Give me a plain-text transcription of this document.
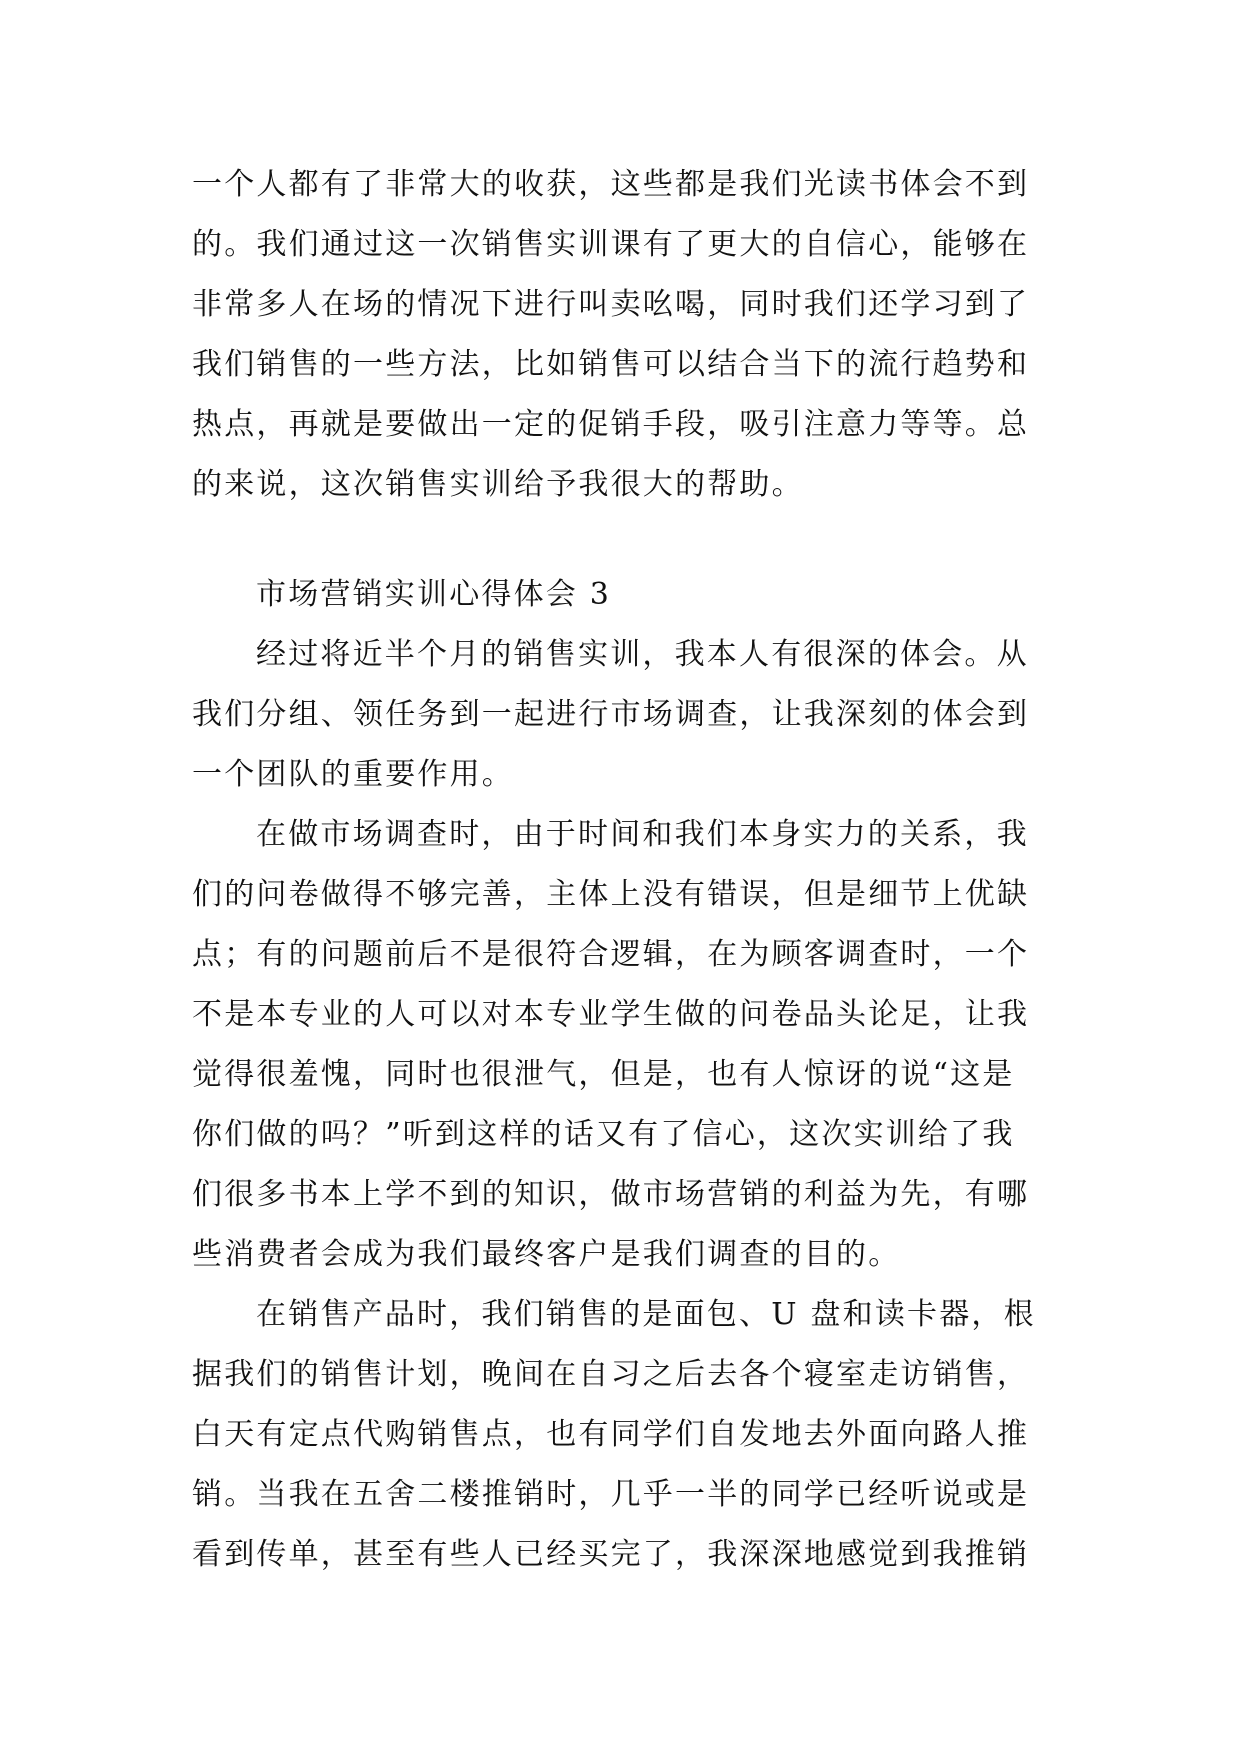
一个人都有了非常大的收获，这些都是我们光读书体会不到
的。我们通过这一次销售实训课有了更大的自信心，能够在
非常多人在场的情况下进行叫卖吆喝，同时我们还学习到了
我们销售的一些方法，比如销售可以结合当下的流行趋势和
热点，再就是要做出一定的促销手段，吸引注意力等等。总
的来说，这次销售实训给予我很大的帮助。
市场营销实训心得体会 3
经过将近半个月的销售实训，我本人有很深的体会。从
我们分组、领任务到一起进行市场调查，让我深刻的体会到
一个团队的重要作用。
在做市场调查时，由于时间和我们本身实力的关系，我
们的问卷做得不够完善，主体上没有错误，但是细节上优缺
点；有的问题前后不是很符合逻辑，在为顾客调查时，一个
不是本专业的人可以对本专业学生做的问卷品头论足，让我
觉得很羞愧，同时也很泄气，但是，也有人惊讶的说“这是
你们做的吗？”听到这样的话又有了信心，这次实训给了我
们很多书本上学不到的知识，做市场营销的利益为先，有哪
些消费者会成为我们最终客户是我们调查的目的。
在销售产品时，我们销售的是面包、U 盘和读卡器，根
据我们的销售计划，晚间在自习之后去各个寝室走访销售，
白天有定点代购销售点，也有同学们自发地去外面向路人推
销。当我在五舍二楼推销时，几乎一半的同学已经听说或是
看到传单，甚至有些人已经买完了，我深深地感觉到我推销
